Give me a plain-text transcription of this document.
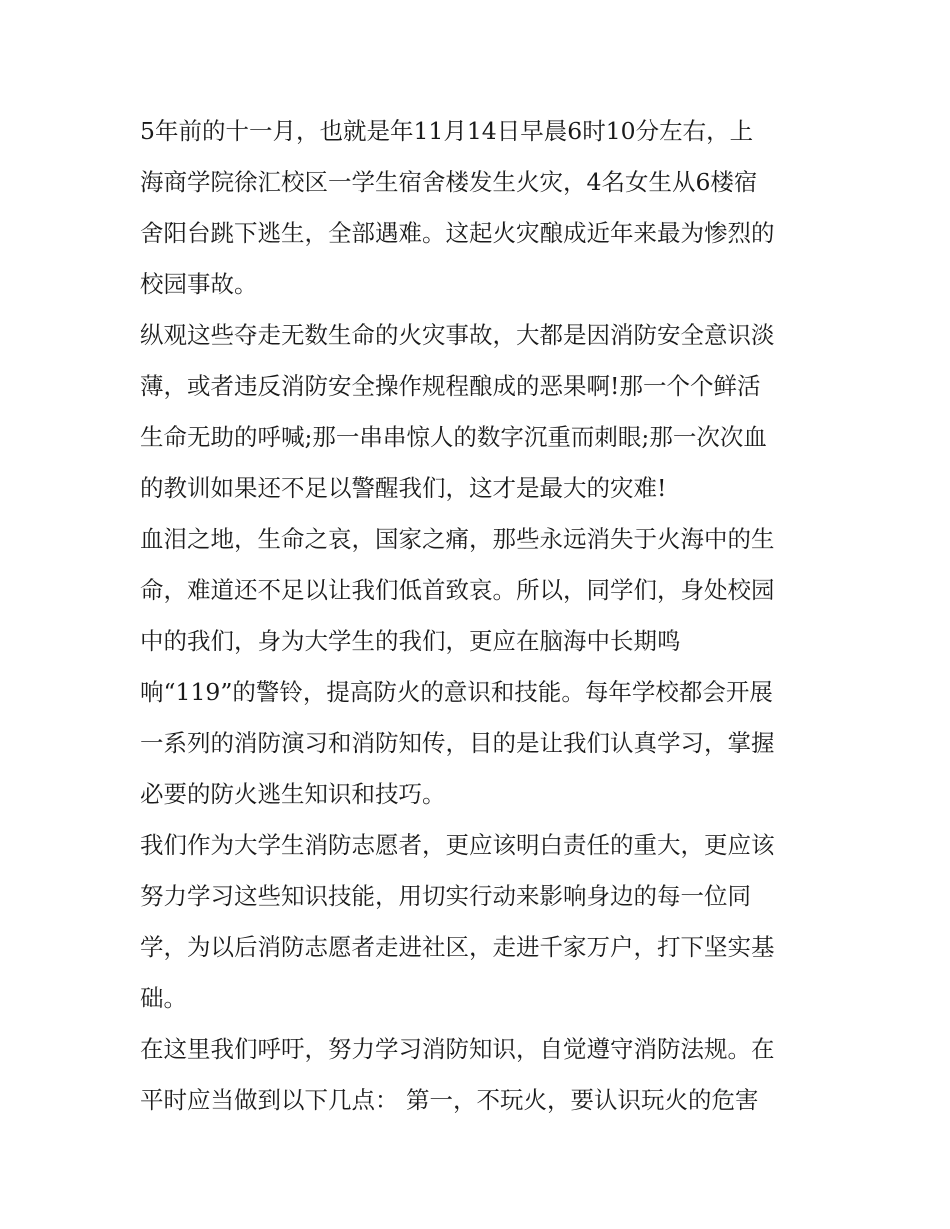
5年前的十一月，也就是年11月14日早晨6时10分左右，上
海商学院徐汇校区一学生宿舍楼发生火灾，4名女生从6楼宿
舍阳台跳下逃生，全部遇难。这起火灾酿成近年来最为惨烈的
校园事故。
纵观这些夺走无数生命的火灾事故，大都是因消防安全意识淡
薄，或者违反消防安全操作规程酿成的恶果啊!那一个个鲜活
生命无助的呼喊;那一串串惊人的数字沉重而刺眼;那一次次血
的教训如果还不足以警醒我们，这才是最大的灾难!
血泪之地，生命之哀，国家之痛，那些永远消失于火海中的生
命，难道还不足以让我们低首致哀。所以，同学们，身处校园
中的我们，身为大学生的我们，更应在脑海中长期鸣
响“119”的警铃，提高防火的意识和技能。每年学校都会开展
一系列的消防演习和消防知传，目的是让我们认真学习，掌握
必要的防火逃生知识和技巧。
我们作为大学生消防志愿者，更应该明白责任的重大，更应该
努力学习这些知识技能，用切实行动来影响身边的每一位同
学，为以后消防志愿者走进社区，走进千家万户，打下坚实基
础。
在这里我们呼吁，努力学习消防知识，自觉遵守消防法规。在
平时应当做到以下几点： 第一，不玩火，要认识玩火的危害
